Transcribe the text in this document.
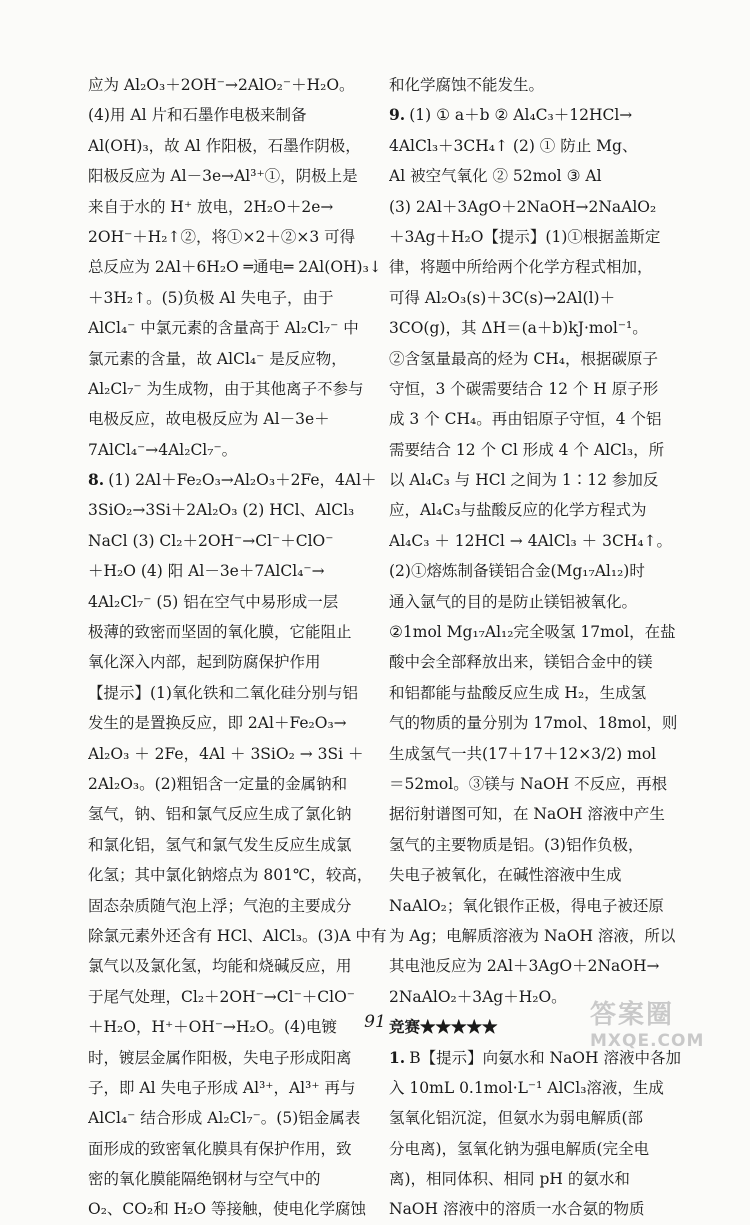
应为 Al₂O₃＋2OH⁻→2AlO₂⁻＋H₂O。
(4)用 Al 片和石墨作电极来制备
Al(OH)₃，故 Al 作阳极，石墨作阴极，
阳极反应为 Al－3e→Al³⁺①，阴极上是
来自于水的 H⁺ 放电，2H₂O＋2e→
2OH⁻＋H₂↑②，将①×2＋②×3 可得
总反应为 2Al＋6H₂O ═通电═ 2Al(OH)₃↓
＋3H₂↑。(5)负极 Al 失电子，由于
AlCl₄⁻ 中氯元素的含量高于 Al₂Cl₇⁻ 中
氯元素的含量，故 AlCl₄⁻ 是反应物，
Al₂Cl₇⁻ 为生成物，由于其他离子不参与
电极反应，故电极反应为 Al－3e＋
7AlCl₄⁻→4Al₂Cl₇⁻。
8. (1) 2Al＋Fe₂O₃→Al₂O₃＋2Fe，4Al＋
3SiO₂→3Si＋2Al₂O₃ (2) HCl、AlCl₃
NaCl (3) Cl₂＋2OH⁻→Cl⁻＋ClO⁻
＋H₂O (4) 阳 Al－3e＋7AlCl₄⁻→
4Al₂Cl₇⁻ (5) 铝在空气中易形成一层
极薄的致密而坚固的氧化膜，它能阻止
氧化深入内部，起到防腐保护作用
【提示】(1)氧化铁和二氧化硅分别与铝
发生的是置换反应，即 2Al＋Fe₂O₃→
Al₂O₃ ＋ 2Fe，4Al ＋ 3SiO₂ → 3Si ＋
2Al₂O₃。(2)粗铝含一定量的金属钠和
氢气，钠、铝和氯气反应生成了氯化钠
和氯化铝，氢气和氯气发生反应生成氯
化氢；其中氯化钠熔点为 801℃，较高，
固态杂质随气泡上浮；气泡的主要成分
除氯元素外还含有 HCl、AlCl₃。(3)A 中有
氯气以及氯化氢，均能和烧碱反应，用
于尾气处理，Cl₂＋2OH⁻→Cl⁻＋ClO⁻
＋H₂O，H⁺＋OH⁻→H₂O。(4)电镀
时，镀层金属作阳极，失电子形成阳离
子，即 Al 失电子形成 Al³⁺，Al³⁺ 再与
AlCl₄⁻ 结合形成 Al₂Cl₇⁻。(5)铝金属表
面形成的致密氧化膜具有保护作用，致
密的氧化膜能隔绝钢材与空气中的
O₂、CO₂和 H₂O 等接触，使电化学腐蚀
和化学腐蚀不能发生。
9. (1) ① a＋b ② Al₄C₃＋12HCl→
4AlCl₃＋3CH₄↑ (2) ① 防止 Mg、
Al 被空气氧化 ② 52mol ③ Al
(3) 2Al＋3AgO＋2NaOH→2NaAlO₂
＋3Ag＋H₂O【提示】(1)①根据盖斯定
律，将题中所给两个化学方程式相加，
可得 Al₂O₃(s)＋3C(s)→2Al(l)＋
3CO(g)，其 ΔH＝(a＋b)kJ·mol⁻¹。
②含氢量最高的烃为 CH₄，根据碳原子
守恒，3 个碳需要结合 12 个 H 原子形
成 3 个 CH₄。再由铝原子守恒，4 个铝
需要结合 12 个 Cl 形成 4 个 AlCl₃，所
以 Al₄C₃ 与 HCl 之间为 1∶12 参加反
应，Al₄C₃与盐酸反应的化学方程式为
Al₄C₃ ＋ 12HCl → 4AlCl₃ ＋ 3CH₄↑。
(2)①熔炼制备镁铝合金(Mg₁₇Al₁₂)时
通入氩气的目的是防止镁铝被氧化。
②1mol Mg₁₇Al₁₂完全吸氢 17mol，在盐
酸中会全部释放出来，镁铝合金中的镁
和铝都能与盐酸反应生成 H₂，生成氢
气的物质的量分别为 17mol、18mol，则
生成氢气一共(17＋17＋12×3/2) mol
＝52mol。③镁与 NaOH 不反应，再根
据衍射谱图可知，在 NaOH 溶液中产生
氢气的主要物质是铝。(3)铝作负极，
失电子被氧化，在碱性溶液中生成
NaAlO₂；氧化银作正极，得电子被还原
为 Ag；电解质溶液为 NaOH 溶液，所以
其电池反应为 2Al＋3AgO＋2NaOH→
2NaAlO₂＋3Ag＋H₂O。
竞赛★★★★★
1. B【提示】向氨水和 NaOH 溶液中各加
入 10mL 0.1mol·L⁻¹ AlCl₃溶液，生成
氢氧化铝沉淀，但氨水为弱电解质(部
分电离)，氢氧化钠为强电解质(完全电
离)，相同体积、相同 pH 的氨水和
NaOH 溶液中的溶质一水合氨的物质
91	答案圈
MXQE.COM
